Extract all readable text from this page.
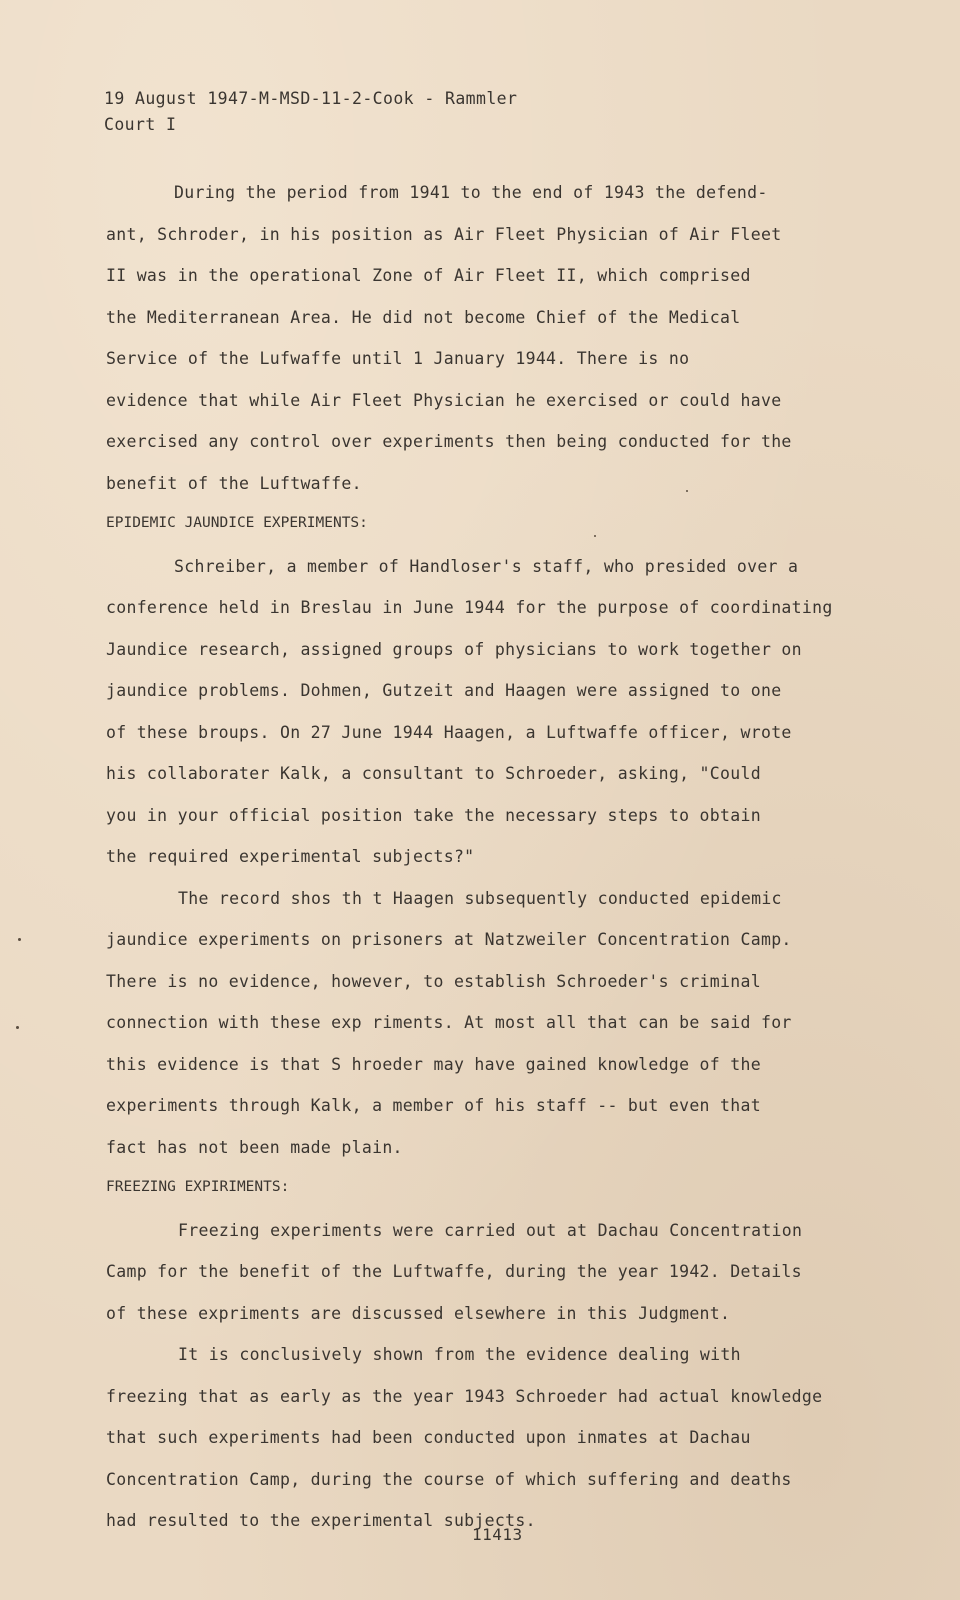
19 August 1947-M-MSD-11-2-Cook - Rammler
Court I
During the period from 1941 to the end of 1943 the defend-
ant, Schroder, in his position as Air Fleet Physician of Air Fleet
II was in the operational Zone of Air Fleet II, which comprised
the Mediterranean Area. He did not become Chief of the Medical
Service of the Lufwaffe until 1 January 1944. There is no
evidence that while Air Fleet Physician he exercised or could have
exercised any control over experiments then being conducted for the
benefit of the Luftwaffe.
EPIDEMIC JAUNDICE EXPERIMENTS:
Schreiber, a member of Handloser's staff, who presided over a
conference held in Breslau in June 1944 for the purpose of coordinating
Jaundice research, assigned groups of physicians to work together on
jaundice problems. Dohmen, Gutzeit and Haagen were assigned to one
of these broups. On 27 June 1944 Haagen, a Luftwaffe officer, wrote
his collaborater Kalk, a consultant to Schroeder, asking, "Could
you in your official position take the necessary steps to obtain
the required experimental subjects?"
The record shos th t Haagen subsequently conducted epidemic
jaundice experiments on prisoners at Natzweiler Concentration Camp.
There is no evidence, however, to establish Schroeder's criminal
connection with these exp riments. At most all that can be said for
this evidence is that S hroeder may have gained knowledge of the
experiments through Kalk, a member of his staff -- but even that
fact has not been made plain.
FREEZING EXPIRIMENTS:
Freezing experiments were carried out at Dachau Concentration
Camp for the benefit of the Luftwaffe, during the year 1942. Details
of these expriments are discussed elsewhere in this Judgment.
It is conclusively shown from the evidence dealing with
freezing that as early as the year 1943 Schroeder had actual knowledge
that such experiments had been conducted upon inmates at Dachau
Concentration Camp, during the course of which suffering and deaths
had resulted to the experimental subjects.
11413
